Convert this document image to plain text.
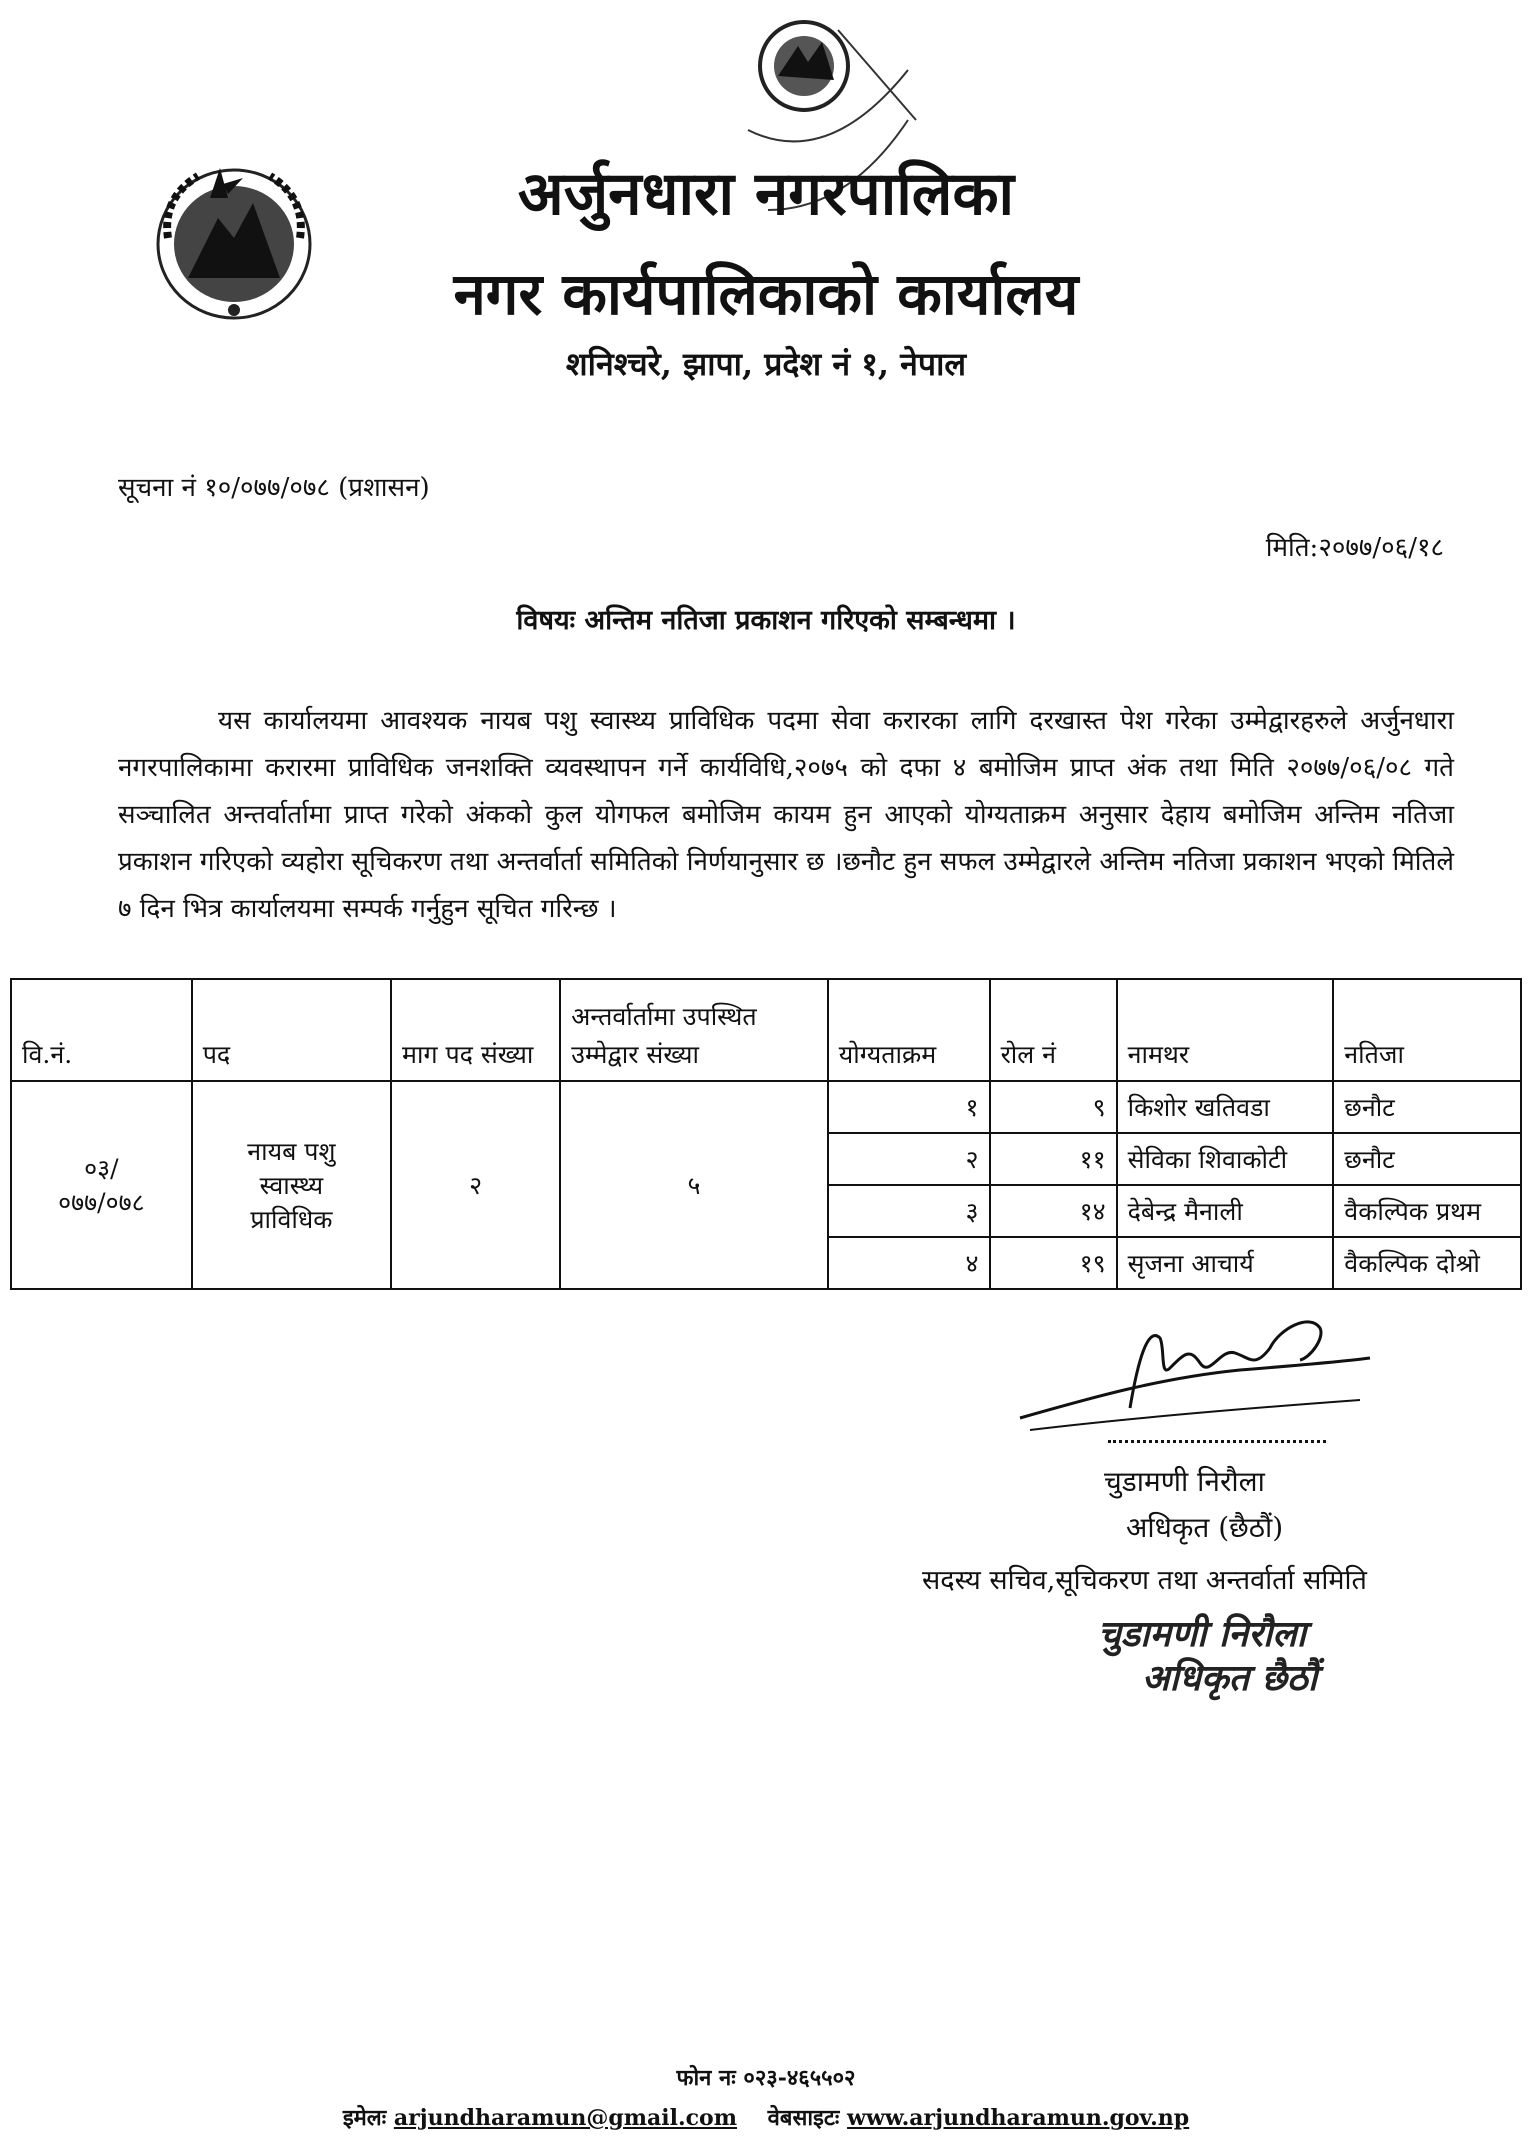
अर्जुनधारा नगरपालिका
नगर कार्यपालिकाको कार्यालय
शनिश्चरे, झापा, प्रदेश नं १, नेपाल
सूचना नं १०/०७७/०७८ (प्रशासन)
मिति:२०७७/०६/१८
विषयः अन्तिम नतिजा प्रकाशन गरिएको सम्बन्धमा ।
यस कार्यालयमा आवश्यक नायब पशु स्वास्थ्य प्राविधिक पदमा सेवा करारका लागि दरखास्त पेश गरेका उम्मेद्वारहरुले अर्जुनधारा नगरपालिकामा करारमा प्राविधिक जनशक्ति व्यवस्थापन गर्ने कार्यविधि,२०७५ को दफा ४ बमोजिम प्राप्त अंक तथा मिति २०७७/०६/०८ गते सञ्चालित अन्तर्वार्तामा प्राप्त गरेको अंकको कुल योगफल बमोजिम कायम हुन आएको योग्यताक्रम अनुसार देहाय बमोजिम अन्तिम नतिजा प्रकाशन गरिएको व्यहोरा सूचिकरण तथा अन्तर्वार्ता समितिको निर्णयानुसार छ ।छनौट हुन सफल उम्मेद्वारले अन्तिम नतिजा प्रकाशन भएको मितिले ७ दिन भित्र कार्यालयमा सम्पर्क गर्नुहुन सूचित गरिन्छ ।
वि.नं.	पद	माग पद संख्या	अन्तर्वार्तामा उपस्थित उम्मेद्वार संख्या	योग्यताक्रम	रोल नं	नामथर	नतिजा
०३/ ०७७/०७८	नायब पशु स्वास्थ्य प्राविधिक	२	५	१	९	किशोर खतिवडा	छनौट
				२	११	सेविका शिवाकोटी	छनौट
				३	१४	देबेन्द्र मैनाली	वैकल्पिक प्रथम
				४	१९	सृजना आचार्य	वैकल्पिक दोश्रो
चुडामणी निरौला
अधिकृत (छैठौं)
सदस्य सचिव,सूचिकरण तथा अन्तर्वार्ता समिति
चुडामणी निरौला
अधिकृत छैठौं
फोन नः ०२३-४६५५०२
इमेलः arjundharamun@gmail.com वेबसाइटः www.arjundharamun.gov.np
